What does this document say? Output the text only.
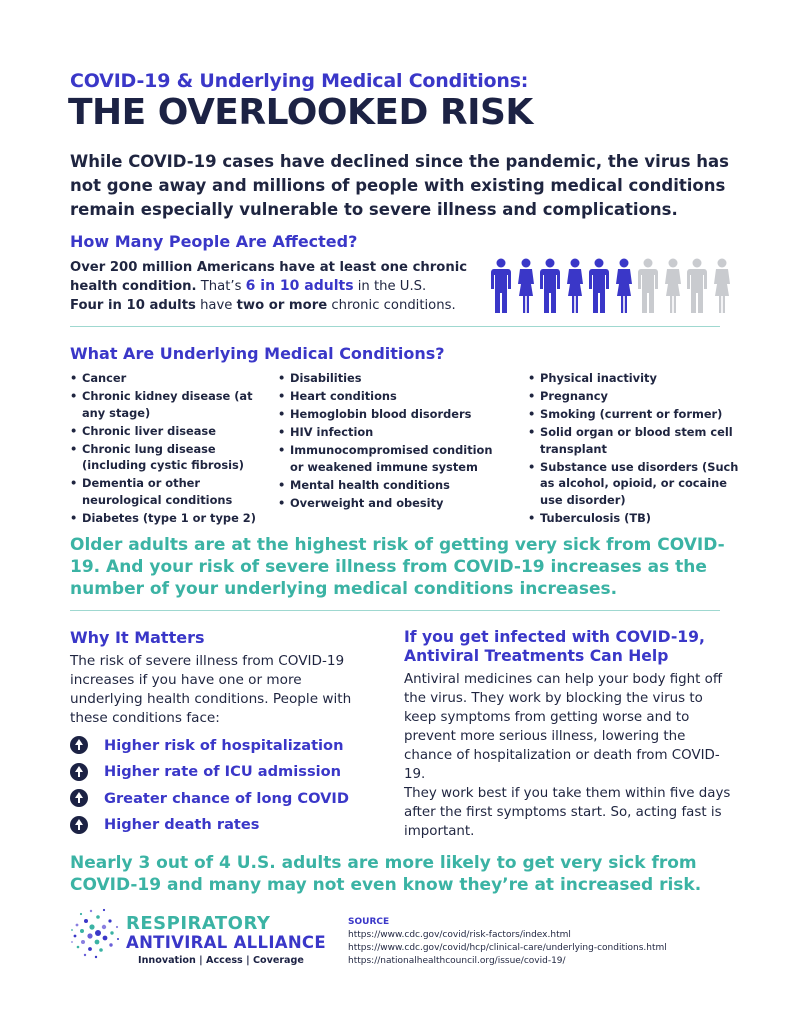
COVID-19 & Underlying Medical Conditions:
THE OVERLOOKED RISK

While COVID-19 cases have declined since the pandemic, the virus has not gone away and millions of people with existing medical conditions remain especially vulnerable to severe illness and complications.

How Many People Are Affected?

Over 200 million Americans have at least one chronic health condition. That’s 6 in 10 adults in the U.S.
Four in 10 adults have two or more chronic conditions.

What Are Underlying Medical Conditions?
• Cancer
• Chronic kidney disease (at any stage)
• Chronic liver disease
• Chronic lung disease (including cystic fibrosis)
• Dementia or other neurological conditions
• Diabetes (type 1 or type 2)
• Disabilities
• Heart conditions
• Hemoglobin blood disorders
• HIV infection
• Immunocompromised condition or weakened immune system
• Mental health conditions
• Overweight and obesity
• Physical inactivity
• Pregnancy
• Smoking (current or former)
• Solid organ or blood stem cell transplant
• Substance use disorders (Such as alcohol, opioid, or cocaine use disorder)
• Tuberculosis (TB)

Older adults are at the highest risk of getting very sick from COVID-19. And your risk of severe illness from COVID-19 increases as the number of your underlying medical conditions increases.

Why It Matters

The risk of severe illness from COVID-19 increases if you have one or more underlying health conditions. People with these conditions face:

Higher risk of hospitalization
Higher rate of ICU admission
Greater chance of long COVID
Higher death rates
If you get infected with COVID-19, Antiviral Treatments Can Help

Antiviral medicines can help your body fight off the virus. They work by blocking the virus to keep symptoms from getting worse and to prevent more serious illness, lowering the chance of hospitalization or death from COVID-19.

They work best if you take them within five days after the first symptoms start. So, acting fast is important.

Nearly 3 out of 4 U.S. adults are more likely to get very sick from COVID-19 and many may not even know they’re at increased risk.

RESPIRATORY
ANTIVIRAL ALLIANCE
Innovation | Access | Coverage
SOURCE
https://www.cdc.gov/covid/risk-factors/index.html
https://www.cdc.gov/covid/hcp/clinical-care/underlying-conditions.html
https://nationalhealthcouncil.org/issue/covid-19/
